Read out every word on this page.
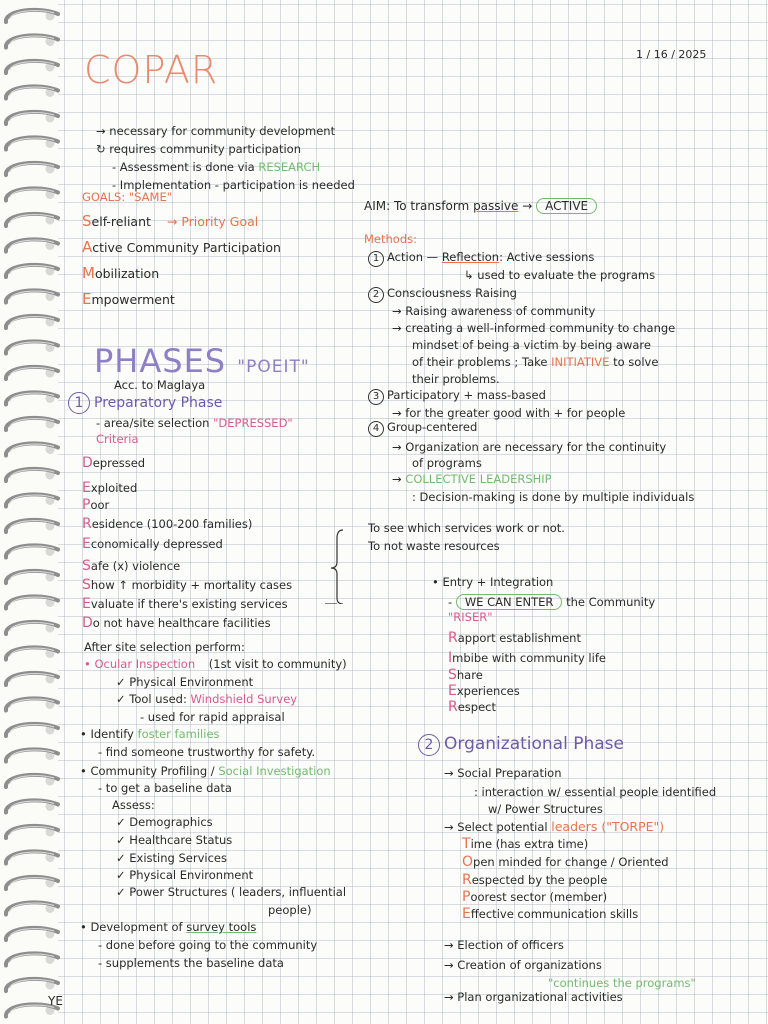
COPAR	1 / 16 / 2025
→ necessary for community development
↻ requires community participation
- Assessment is done via RESEARCH
- Implementation - participation is needed
GOALS: "SAME"
Self-reliant → Priority Goal
Active Community Participation
Mobilization
Empowerment
AIM: To transform passive → ACTIVE
Methods:
1 Action — Reflection: Active sessions
↳ used to evaluate the programs
2 Consciousness Raising
→ Raising awareness of community
→ creating a well-informed community to change
mindset of being a victim by being aware
of their problems ; Take INITIATIVE to solve
their problems.
3 Participatory + mass-based
→ for the greater good with + for people
4 Group-centered
→ Organization are necessary for the continuity
of programs
→ COLLECTIVE LEADERSHIP
: Decision-making is done by multiple individuals
PHASES "POEIT"
Acc. to Maglaya
1 Preparatory Phase
- area/site selection "DEPRESSED"
Criteria
Depressed
Exploited
Poor
Residence (100-200 families)
Economically depressed
Safe (x) violence
Show ↑ morbidity + mortality cases
Evaluate if there's existing services
Do not have healthcare facilities
To see which services work or not.
To not waste resources
After site selection perform:
• Ocular Inspection (1st visit to community)
✓ Physical Environment
✓ Tool used: Windshield Survey
- used for rapid appraisal
• Identify foster families
- find someone trustworthy for safety.
• Community Profiling / Social Investigation
- to get a baseline data
Assess:
✓ Demographics
✓ Healthcare Status
✓ Existing Services
✓ Physical Environment
✓ Power Structures ( leaders, influential
people)
• Development of survey tools
- done before going to the community
- supplements the baseline data
• Entry + Integration
- WE CAN ENTER the Community
"RISER"
Rapport establishment
Imbibe with community life
Share
Experiences
Respect
2 Organizational Phase
→ Social Preparation
: interaction w/ essential people identified
w/ Power Structures
→ Select potential leaders ("TORPE")
Time (has extra time)
Open minded for change / Oriented
Respected by the people
Poorest sector (member)
Effective communication skills
→ Election of officers
→ Creation of organizations
"continues the programs"
→ Plan organizational activities
YE
